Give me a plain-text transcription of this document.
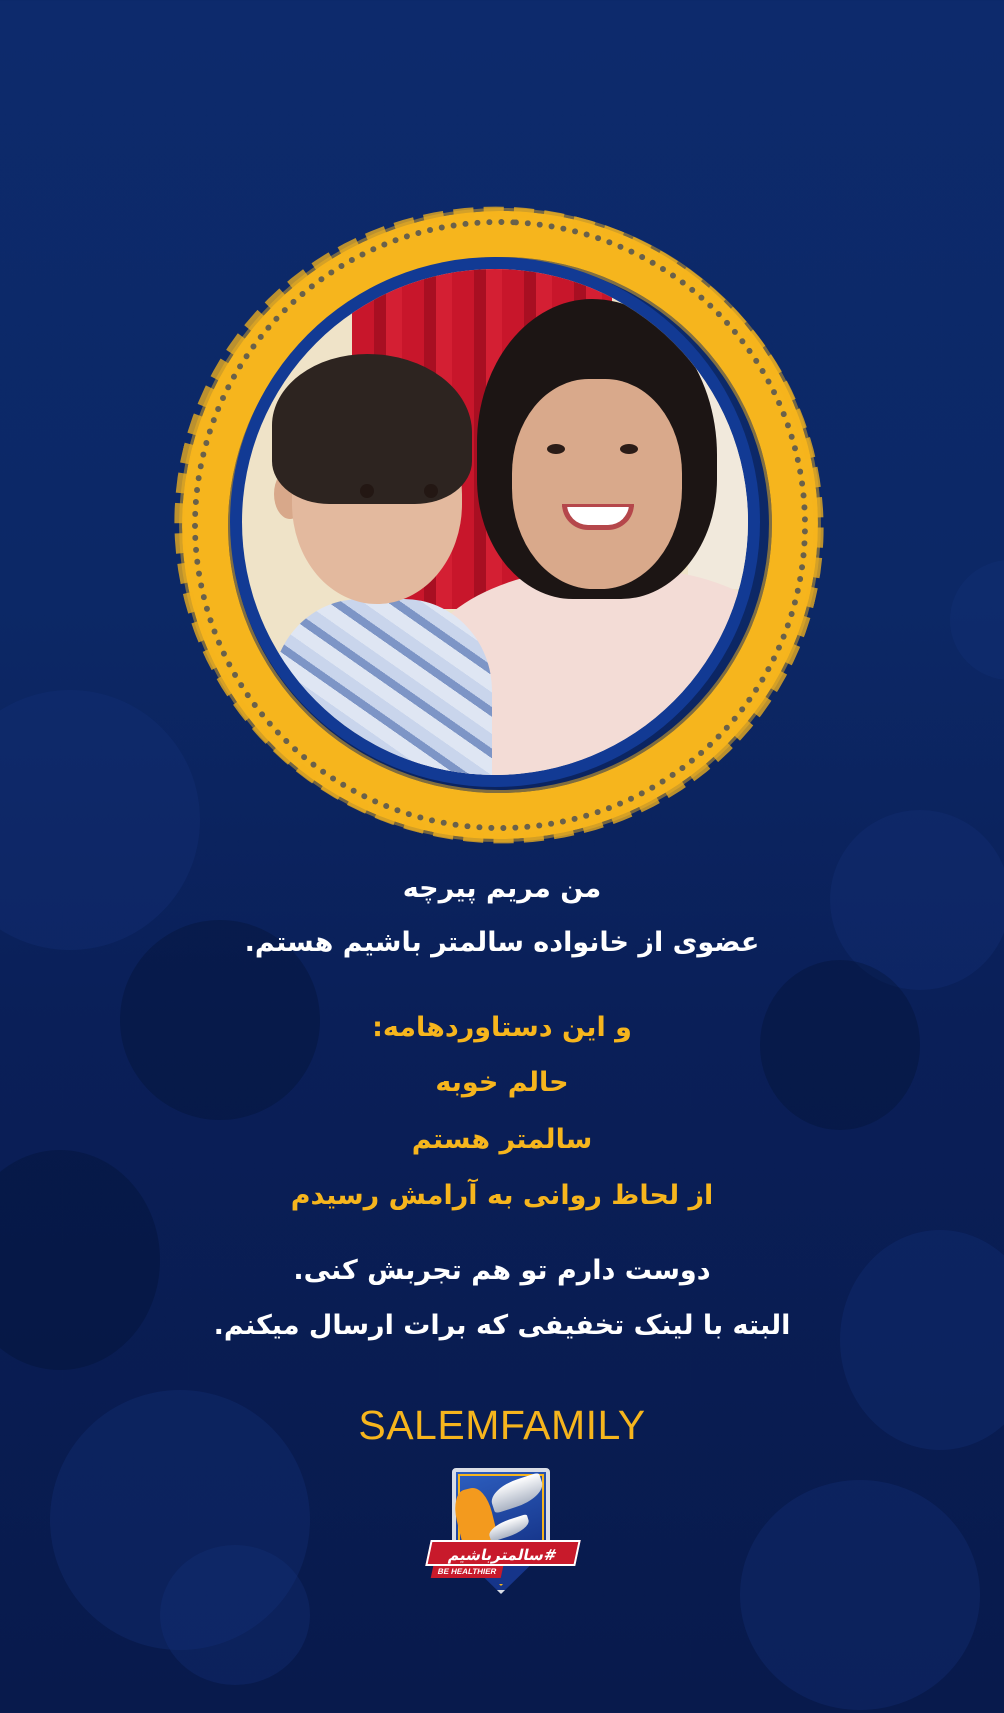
من مریم پیرچه
عضوی از خانواده سالمتر باشیم هستم.
و این دستاوردهامه:
حالم خوبه
سالمتر هستم
از لحاظ روانی به آرامش رسیدم
دوست دارم تو هم تجربش کنی.
البته با لینک تخفیفی که برات ارسال میکنم.
SALEMFAMILY
#سالمترباشیم
BE HEALTHIER
